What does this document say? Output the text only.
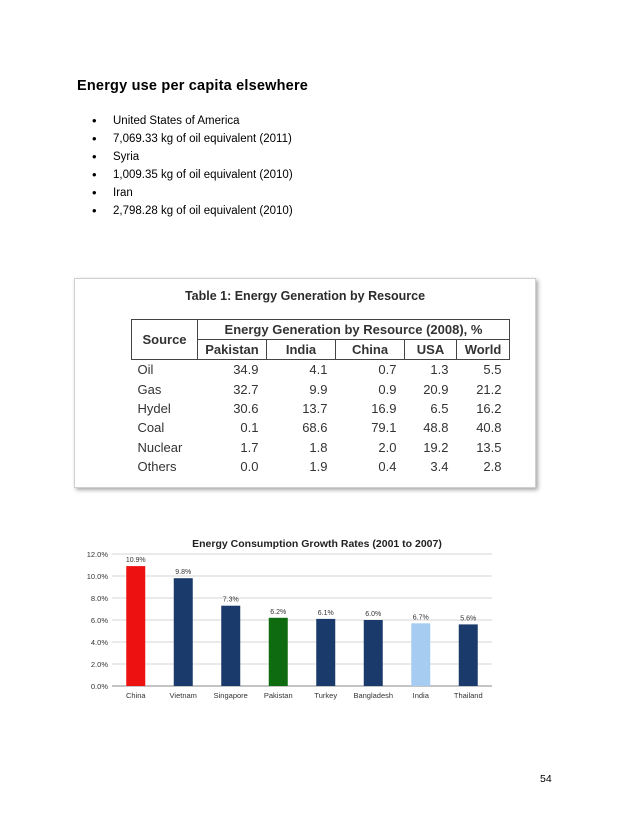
Energy use per capita elsewhere
• United States of America
• 7,069.33 kg of oil equivalent (2011)
• Syria
• 1,009.35 kg of oil equivalent (2010)
• Iran
• 2,798.28 kg of oil equivalent (2010)
Table 1: Energy Generation by Resource
Source	Energy Generation by Resource (2008), %				
	Pakistan	India	China	USA	World
Oil	34.9	4.1	0.7	1.3	5.5
Gas	32.7	9.9	0.9	20.9	21.2
Hydel	30.6	13.7	16.9	6.5	16.2
Coal	0.1	68.6	79.1	48.8	40.8
Nuclear	1.7	1.8	2.0	19.2	13.5
Others	0.0	1.9	0.4	3.4	2.8
Energy Consumption Growth Rates (2001 to 2007)
0.0%
2.0%
4.0%
6.0%
8.0%
10.0%
12.0%
10.9%
China
9.8%
Vietnam
7.3%
Singapore
6.2%
Pakistan
6.1%
Turkey
6.0%
Bangladesh
6.7%
India
5.6%
Thailand
54
